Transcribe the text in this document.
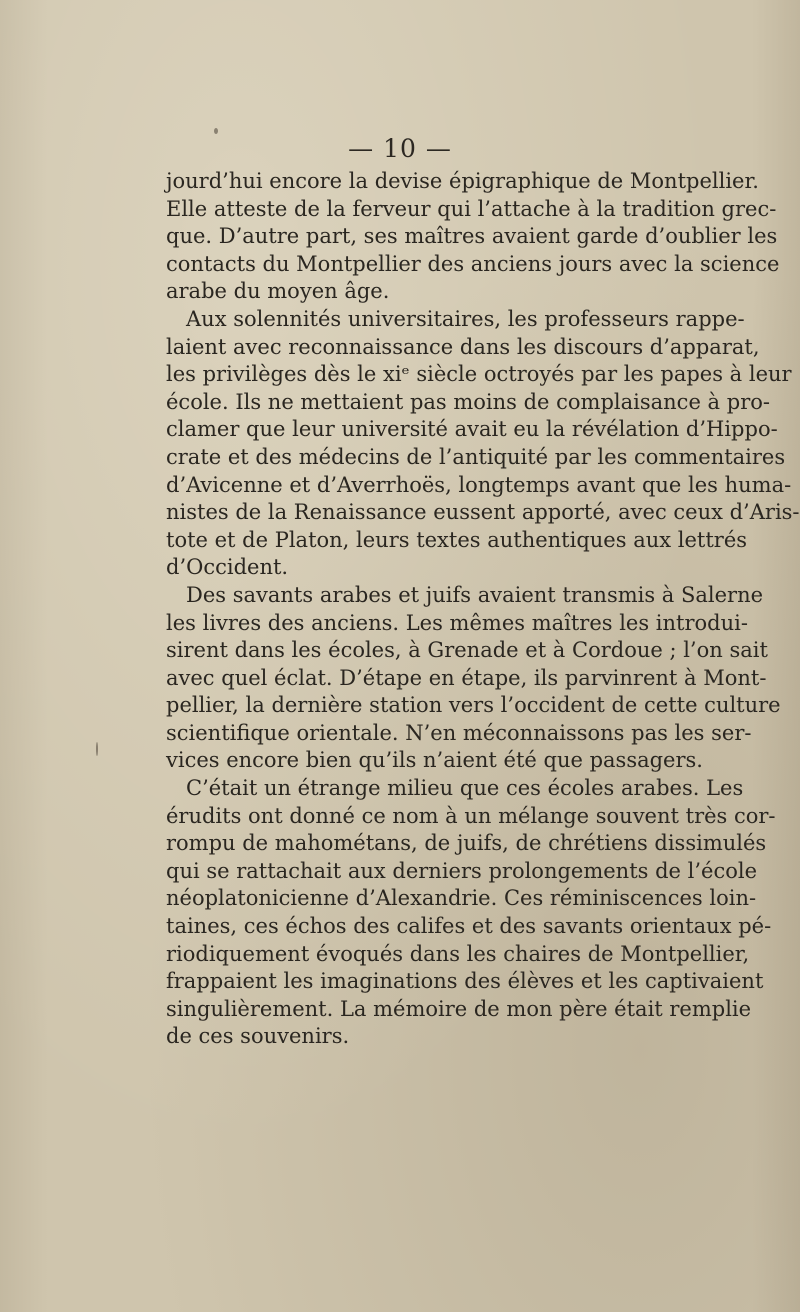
— 10 —
jourd’hui encore la devise épigraphique de Montpellier.
Elle atteste de la ferveur qui l’attache à la tradition grec-
que. D’autre part, ses maîtres avaient garde d’oublier les
contacts du Montpellier des anciens jours avec la science
arabe du moyen âge.
Aux solennités universitaires, les professeurs rappe-
laient avec reconnaissance dans les discours d’apparat,
les privilèges dès le xiᵉ siècle octroyés par les papes à leur
école. Ils ne mettaient pas moins de complaisance à pro-
clamer que leur université avait eu la révélation d’Hippo-
crate et des médecins de l’antiquité par les commentaires
d’Avicenne et d’Averrhoës, longtemps avant que les huma-
nistes de la Renaissance eussent apporté, avec ceux d’Aris-
tote et de Platon, leurs textes authentiques aux lettrés
d’Occident.
Des savants arabes et juifs avaient transmis à Salerne
les livres des anciens. Les mêmes maîtres les introdui-
sirent dans les écoles, à Grenade et à Cordoue ; l’on sait
avec quel éclat. D’étape en étape, ils parvinrent à Mont-
pellier, la dernière station vers l’occident de cette culture
scientifique orientale. N’en méconnaissons pas les ser-
vices encore bien qu’ils n’aient été que passagers.
C’était un étrange milieu que ces écoles arabes. Les
érudits ont donné ce nom à un mélange souvent très cor-
rompu de mahométans, de juifs, de chrétiens dissimulés
qui se rattachait aux derniers prolongements de l’école
néoplatonicienne d’Alexandrie. Ces réminiscences loin-
taines, ces échos des califes et des savants orientaux pé-
riodiquement évoqués dans les chaires de Montpellier,
frappaient les imaginations des élèves et les captivaient
singulièrement. La mémoire de mon père était remplie
de ces souvenirs.
